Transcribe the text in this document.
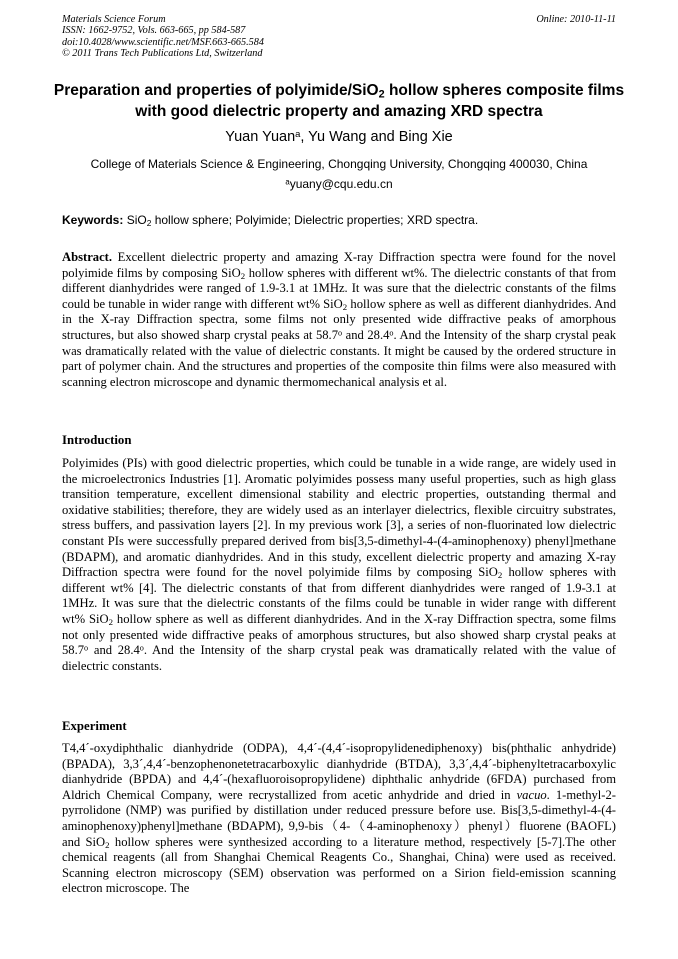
Materials Science Forum
ISSN: 1662-9752, Vols. 663-665, pp 584-587
doi:10.4028/www.scientific.net/MSF.663-665.584
© 2011 Trans Tech Publications Ltd, Switzerland
Online: 2010-11-11
Preparation and properties of polyimide/SiO$_2$ hollow spheres composite films with good dielectric property and amazing XRD spectra
Yuan Yuan$^a$, Yu Wang and Bing Xie
College of Materials Science & Engineering, Chongqing University, Chongqing 400030, China
$^a$yuany@cqu.edu.cn
Keywords: SiO$_2$ hollow sphere; Polyimide; Dielectric properties; XRD spectra.
Abstract. Excellent dielectric property and amazing X-ray Diffraction spectra were found for the novel polyimide films by composing SiO$_2$ hollow spheres with different wt%. The dielectric constants of that from different dianhydrides were ranged of 1.9-3.1 at 1MHz. It was sure that the dielectric constants of the films could be tunable in wider range with different wt% SiO$_2$ hollow sphere as well as different dianhydrides. And in the X-ray Diffraction spectra, some films not only presented wide diffractive peaks of amorphous structures, but also showed sharp crystal peaks at 58.7$^o$ and 28.4$^o$. And the Intensity of the sharp crystal peak was dramatically related with the value of dielectric constants. It might be caused by the ordered structure in part of polymer chain. And the structures and properties of the composite thin films were also measured with scanning electron microscope and dynamic thermomechanical analysis et al.
Introduction
Polyimides (PIs) with good dielectric properties, which could be tunable in a wide range, are widely used in the microelectronics Industries [1]. Aromatic polyimides possess many useful properties, such as high glass transition temperature, excellent dimensional stability and electric properties, outstanding thermal and oxidative stabilities; therefore, they are widely used as an interlayer dielectrics, flexible circuitry substrates, stress buffers, and passivation layers [2]. In my previous work [3], a series of non-fluorinated low dielectric constant PIs were successfully prepared derived from bis[3,5-dimethyl-4-(4-aminophenoxy) phenyl]methane (BDAPM), and aromatic dianhydrides. And in this study, excellent dielectric property and amazing X-ray Diffraction spectra were found for the novel polyimide films by composing SiO$_2$ hollow spheres with different wt% [4]. The dielectric constants of that from different dianhydrides were ranged of 1.9-3.1 at 1MHz. It was sure that the dielectric constants of the films could be tunable in wider range with different wt% SiO$_2$ hollow sphere as well as different dianhydrides. And in the X-ray Diffraction spectra, some films not only presented wide diffractive peaks of amorphous structures, but also showed sharp crystal peaks at 58.7$^o$ and 28.4$^o$. And the Intensity of the sharp crystal peak was dramatically related with the value of dielectric constants.
Experiment
T4,4´-oxydiphthalic dianhydride (ODPA), 4,4´-(4,4´-isopropylidenediphenoxy) bis(phthalic anhydride) (BPADA), 3,3´,4,4´-benzophenonetetracarboxylic dianhydride (BTDA), 3,3´,4,4´-biphenyltetracarboxylic dianhydride (BPDA) and 4,4´-(hexafluoroisopropylidene) diphthalic anhydride (6FDA) purchased from Aldrich Chemical Company, were recrystallized from acetic anhydride and dried in vacuo. 1-methyl-2-pyrrolidone (NMP) was purified by distillation under reduced pressure before use. Bis[3,5-dimethyl-4-(4-aminophenoxy)phenyl]methane (BDAPM), 9,9-bis（4-（4-aminophenoxy）phenyl）fluorene (BAOFL) and SiO$_2$ hollow spheres were synthesized according to a literature method, respectively [5-7].The other chemical reagents (all from Shanghai Chemical Reagents Co., Shanghai, China) were used as received. Scanning electron microscopy (SEM) observation was performed on a Sirion field-emission scanning electron microscope. The
